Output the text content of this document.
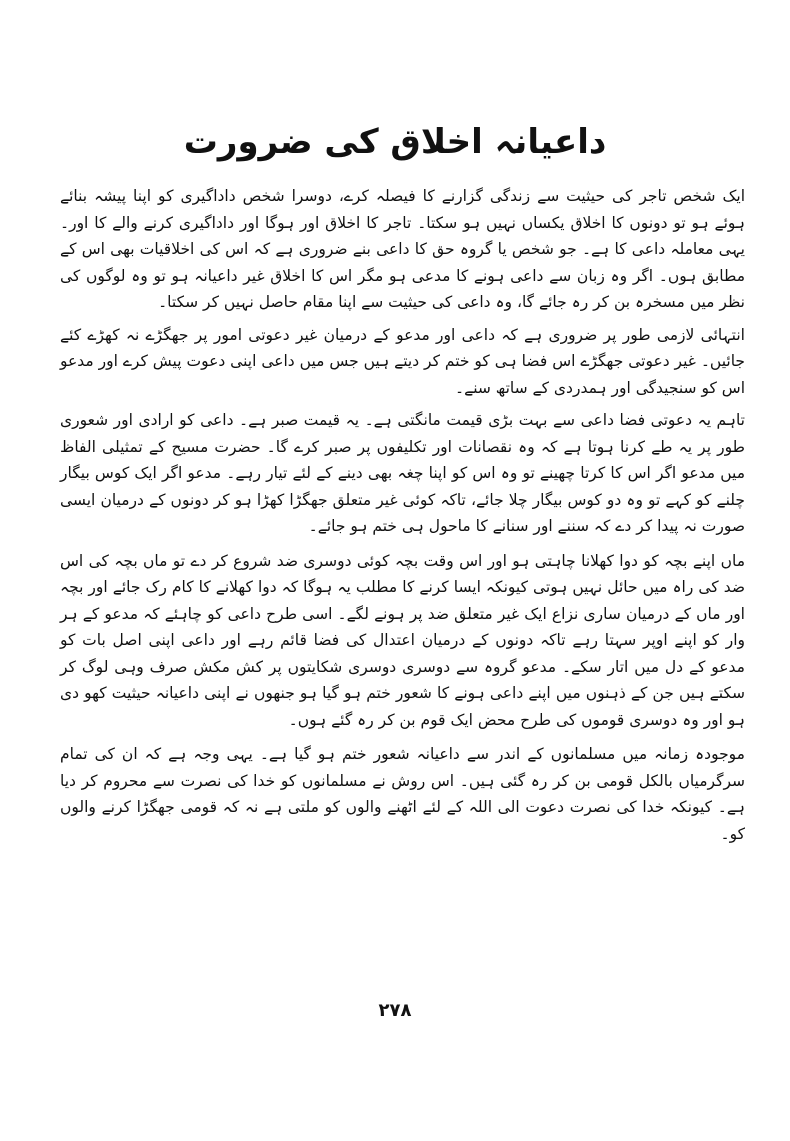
داعیانہ اخلاق کی ضرورت

ایک شخص تاجر کی حیثیت سے زندگی گزارنے کا فیصلہ کرے، دوسرا شخص داداگیری کو اپنا پیشہ بنائے ہوئے ہو تو دونوں کا اخلاق یکساں نہیں ہو سکتا۔ تاجر کا اخلاق اور ہوگا اور داداگیری کرنے والے کا اور۔ یہی معاملہ داعی کا ہے۔ جو شخص یا گروہ حق کا داعی بنے ضروری ہے کہ اس کی اخلاقیات بھی اس کے مطابق ہوں۔ اگر وہ زبان سے داعی ہونے کا مدعی ہو مگر اس کا اخلاق غیر داعیانہ ہو تو وہ لوگوں کی نظر میں مسخرہ بن کر رہ جائے گا، وہ داعی کی حیثیت سے اپنا مقام حاصل نہیں کر سکتا۔

انتہائی لازمی طور پر ضروری ہے کہ داعی اور مدعو کے درمیان غیر دعوتی امور پر جھگڑے نہ کھڑے کئے جائیں۔ غیر دعوتی جھگڑے اس فضا ہی کو ختم کر دیتے ہیں جس میں داعی اپنی دعوت پیش کرے اور مدعو اس کو سنجیدگی اور ہمدردی کے ساتھ سنے۔

تاہم یہ دعوتی فضا داعی سے بہت بڑی قیمت مانگتی ہے۔ یہ قیمت صبر ہے۔ داعی کو ارادی اور شعوری طور پر یہ طے کرنا ہوتا ہے کہ وہ نقصانات اور تکلیفوں پر صبر کرے گا۔ حضرت مسیح کے تمثیلی الفاظ میں مدعو اگر اس کا کرتا چھینے تو وہ اس کو اپنا چغہ بھی دینے کے لئے تیار رہے۔ مدعو اگر ایک کوس بیگار چلنے کو کہے تو وہ دو کوس بیگار چلا جائے، تاکہ کوئی غیر متعلق جھگڑا کھڑا ہو کر دونوں کے درمیان ایسی صورت نہ پیدا کر دے کہ سننے اور سنانے کا ماحول ہی ختم ہو جائے۔

ماں اپنے بچہ کو دوا کھلانا چاہتی ہو اور اس وقت بچہ کوئی دوسری ضد شروع کر دے تو ماں بچہ کی اس ضد کی راہ میں حائل نہیں ہوتی کیونکہ ایسا کرنے کا مطلب یہ ہوگا کہ دوا کھلانے کا کام رک جائے اور بچہ اور ماں کے درمیان ساری نزاع ایک غیر متعلق ضد پر ہونے لگے۔ اسی طرح داعی کو چاہئے کہ مدعو کے ہر وار کو اپنے اوپر سہتا رہے تاکہ دونوں کے درمیان اعتدال کی فضا قائم رہے اور داعی اپنی اصل بات کو مدعو کے دل میں اتار سکے۔ مدعو گروہ سے دوسری دوسری شکایتوں پر کش مکش صرف وہی لوگ کر سکتے ہیں جن کے ذہنوں میں اپنے داعی ہونے کا شعور ختم ہو گیا ہو جنھوں نے اپنی داعیانہ حیثیت کھو دی ہو اور وہ دوسری قوموں کی طرح محض ایک قوم بن کر رہ گئے ہوں۔

موجودہ زمانہ میں مسلمانوں کے اندر سے داعیانہ شعور ختم ہو گیا ہے۔ یہی وجہ ہے کہ ان کی تمام سرگرمیاں بالکل قومی بن کر رہ گئی ہیں۔ اس روش نے مسلمانوں کو خدا کی نصرت سے محروم کر دیا ہے۔ کیونکہ خدا کی نصرت دعوت الی اللہ کے لئے اٹھنے والوں کو ملتی ہے نہ کہ قومی جھگڑا کرنے والوں کو۔

۲۷۸
